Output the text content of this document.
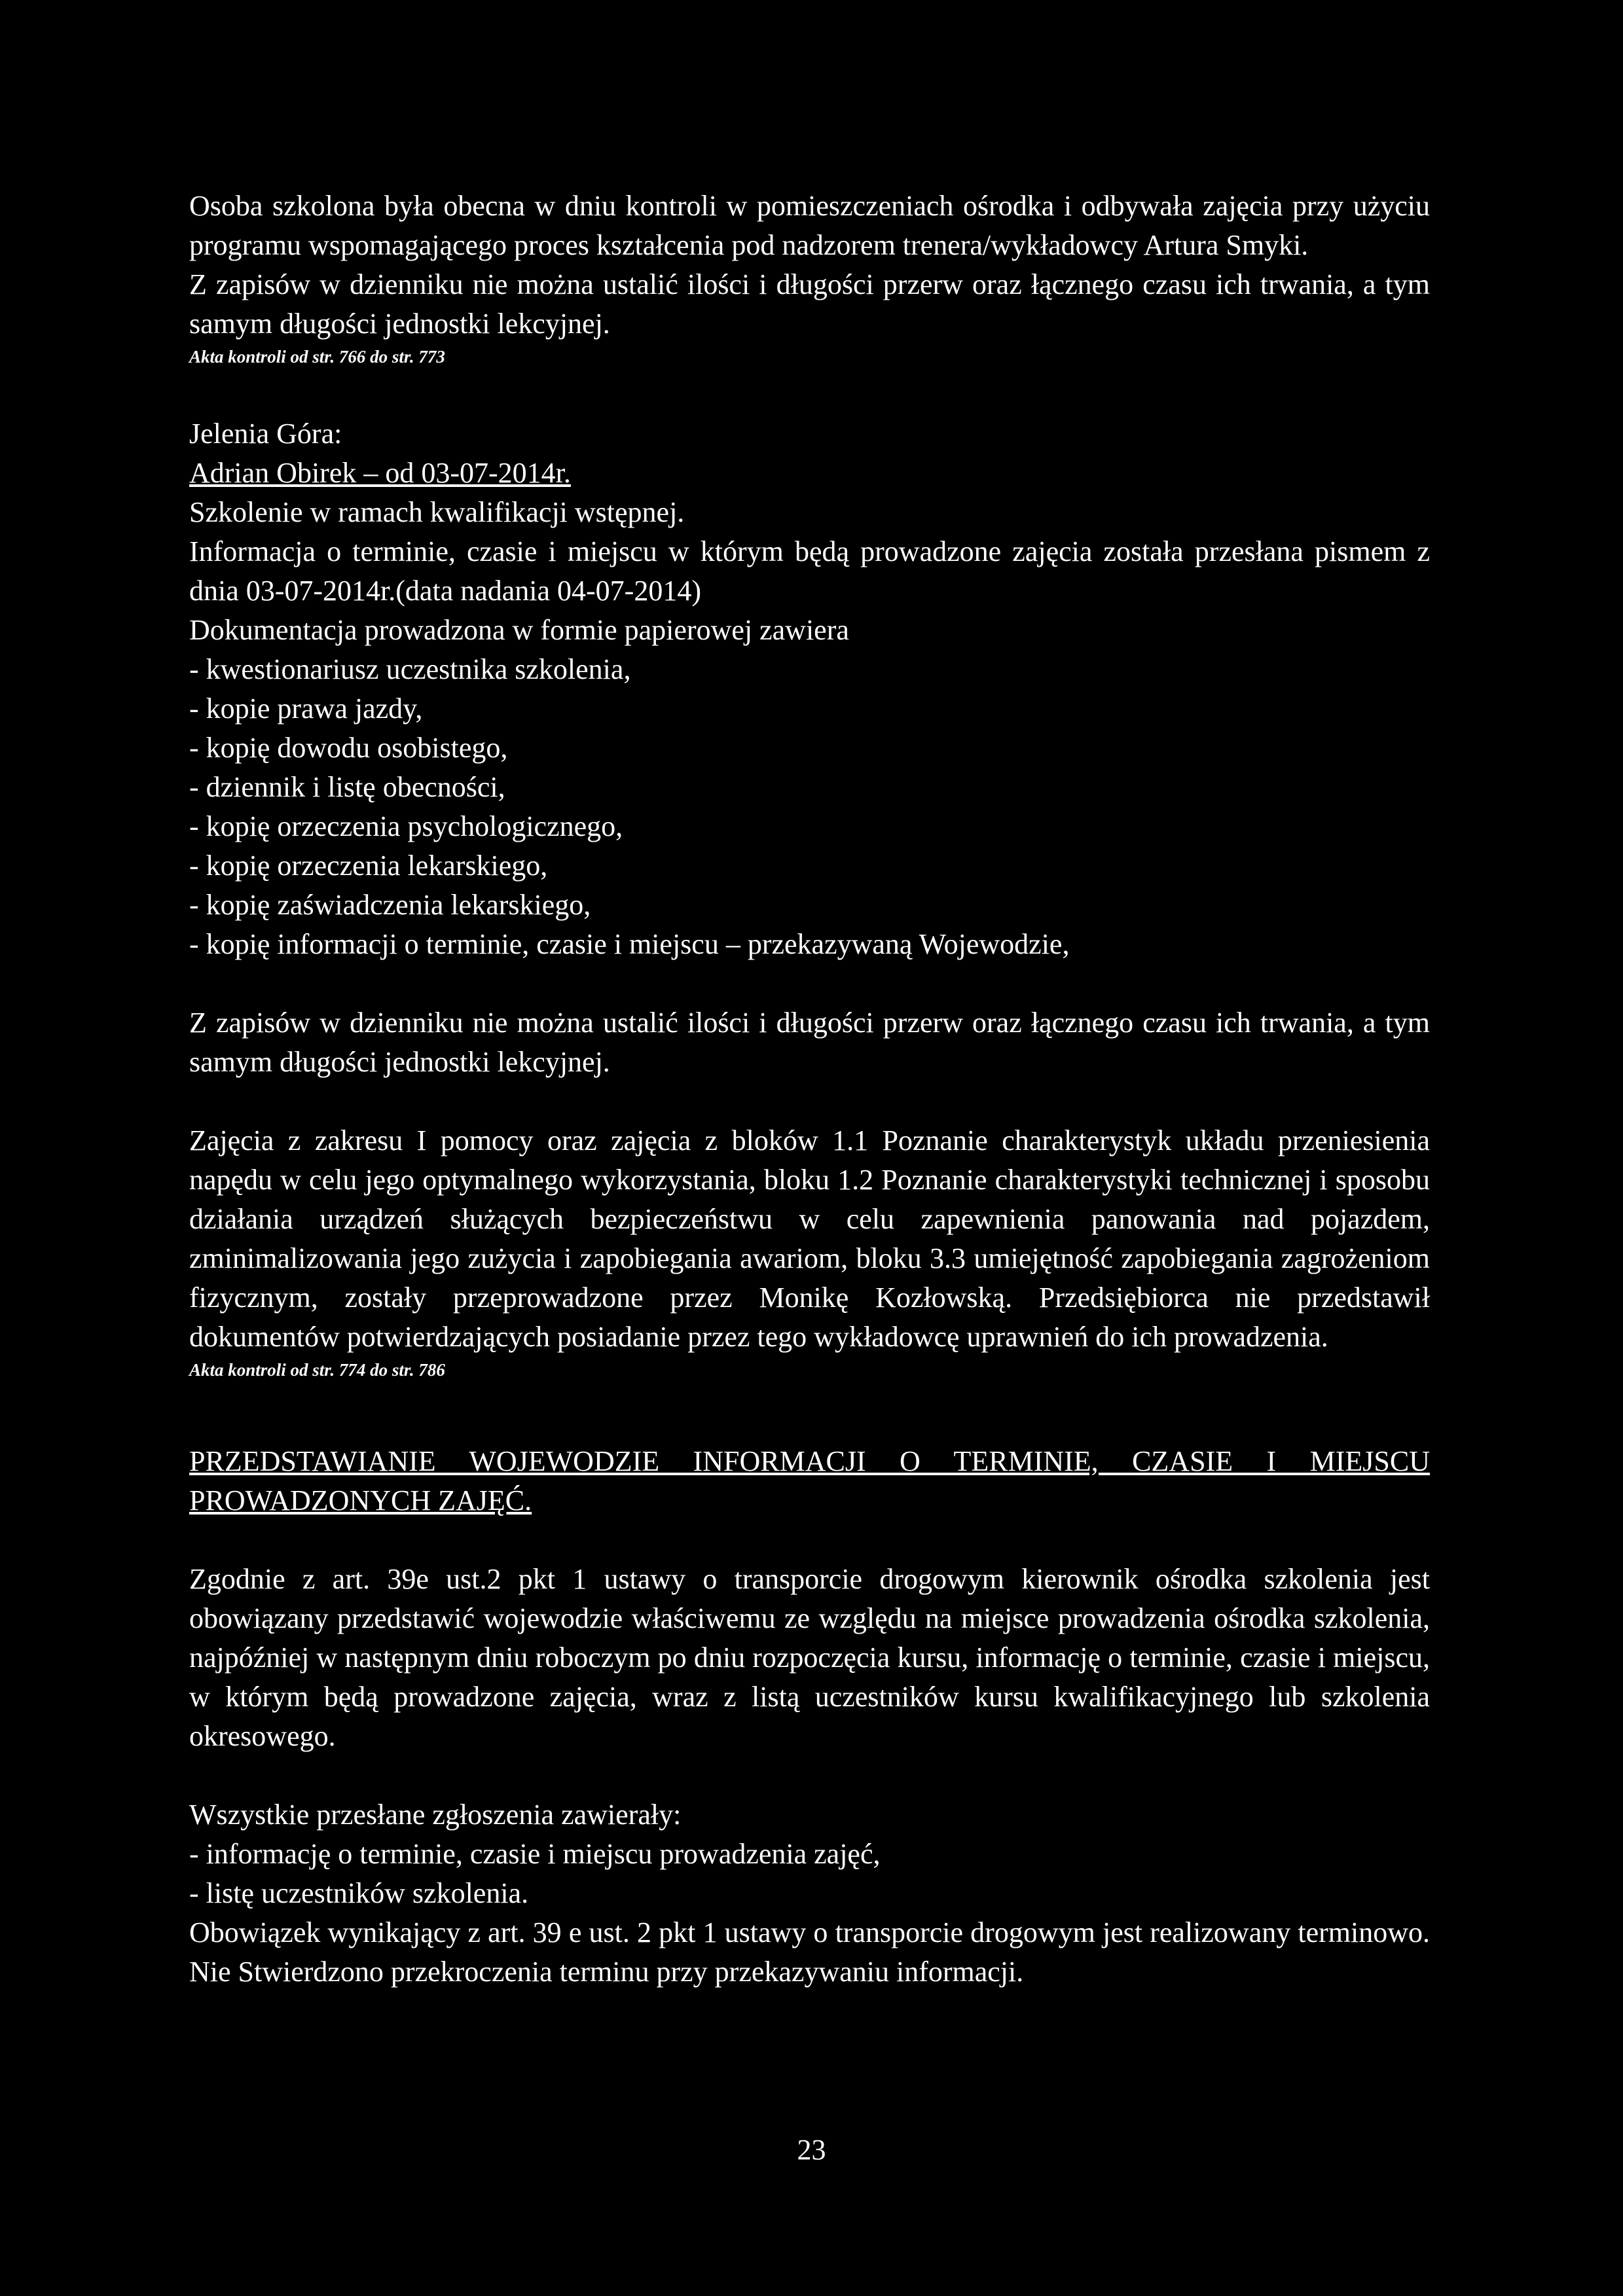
Osoba szkolona była obecna w dniu kontroli w pomieszczeniach ośrodka i odbywała zajęcia przy użyciu programu wspomagającego proces kształcenia pod nadzorem trenera/wykładowcy Artura Smyki.

Z zapisów w dzienniku nie można ustalić ilości i długości przerw oraz łącznego czasu ich trwania, a tym samym długości jednostki lekcyjnej.

Akta kontroli od str. 766 do str. 773

Jelenia Góra:

Adrian Obirek – od 03-07-2014r.

Szkolenie w ramach kwalifikacji wstępnej.

Informacja o terminie, czasie i miejscu w którym będą prowadzone zajęcia została przesłana pismem z dnia 03-07-2014r.(data nadania 04-07-2014)

Dokumentacja prowadzona w formie papierowej zawiera

- kwestionariusz uczestnika szkolenia,
- kopie prawa jazdy,
- kopię dowodu osobistego,
- dziennik i listę obecności,
- kopię orzeczenia psychologicznego,
- kopię orzeczenia lekarskiego,
- kopię zaświadczenia lekarskiego,
- kopię informacji o terminie, czasie i miejscu – przekazywaną Wojewodzie,

Z zapisów w dzienniku nie można ustalić ilości i długości przerw oraz łącznego czasu ich trwania, a tym samym długości jednostki lekcyjnej.

Zajęcia z zakresu I pomocy oraz zajęcia z bloków 1.1 Poznanie charakterystyk układu przeniesienia napędu w celu jego optymalnego wykorzystania, bloku 1.2 Poznanie charakterystyki technicznej i sposobu działania urządzeń służących bezpieczeństwu w celu zapewnienia panowania nad pojazdem, zminimalizowania jego zużycia i zapobiegania awariom, bloku 3.3 umiejętność zapobiegania zagrożeniom fizycznym, zostały przeprowadzone przez Monikę Kozłowską. Przedsiębiorca nie przedstawił dokumentów potwierdzających posiadanie przez tego wykładowcę uprawnień do ich prowadzenia.

Akta kontroli od str. 774 do str. 786

PRZEDSTAWIANIE WOJEWODZIE INFORMACJI O TERMINIE, CZASIE I MIEJSCU PROWADZONYCH ZAJĘĆ.

Zgodnie z art. 39e ust.2 pkt 1 ustawy o transporcie drogowym kierownik ośrodka szkolenia jest obowiązany przedstawić wojewodzie właściwemu ze względu na miejsce prowadzenia ośrodka szkolenia, najpóźniej w następnym dniu roboczym po dniu rozpoczęcia kursu, informację o terminie, czasie i miejscu, w którym będą prowadzone zajęcia, wraz z listą uczestników kursu kwalifikacyjnego lub szkolenia okresowego.

Wszystkie przesłane zgłoszenia zawierały:

- informację o terminie, czasie i miejscu prowadzenia zajęć,
- listę uczestników szkolenia.

Obowiązek wynikający z art. 39 e ust. 2 pkt 1 ustawy o transporcie drogowym jest realizowany terminowo. Nie Stwierdzono przekroczenia terminu przy przekazywaniu informacji.

23
